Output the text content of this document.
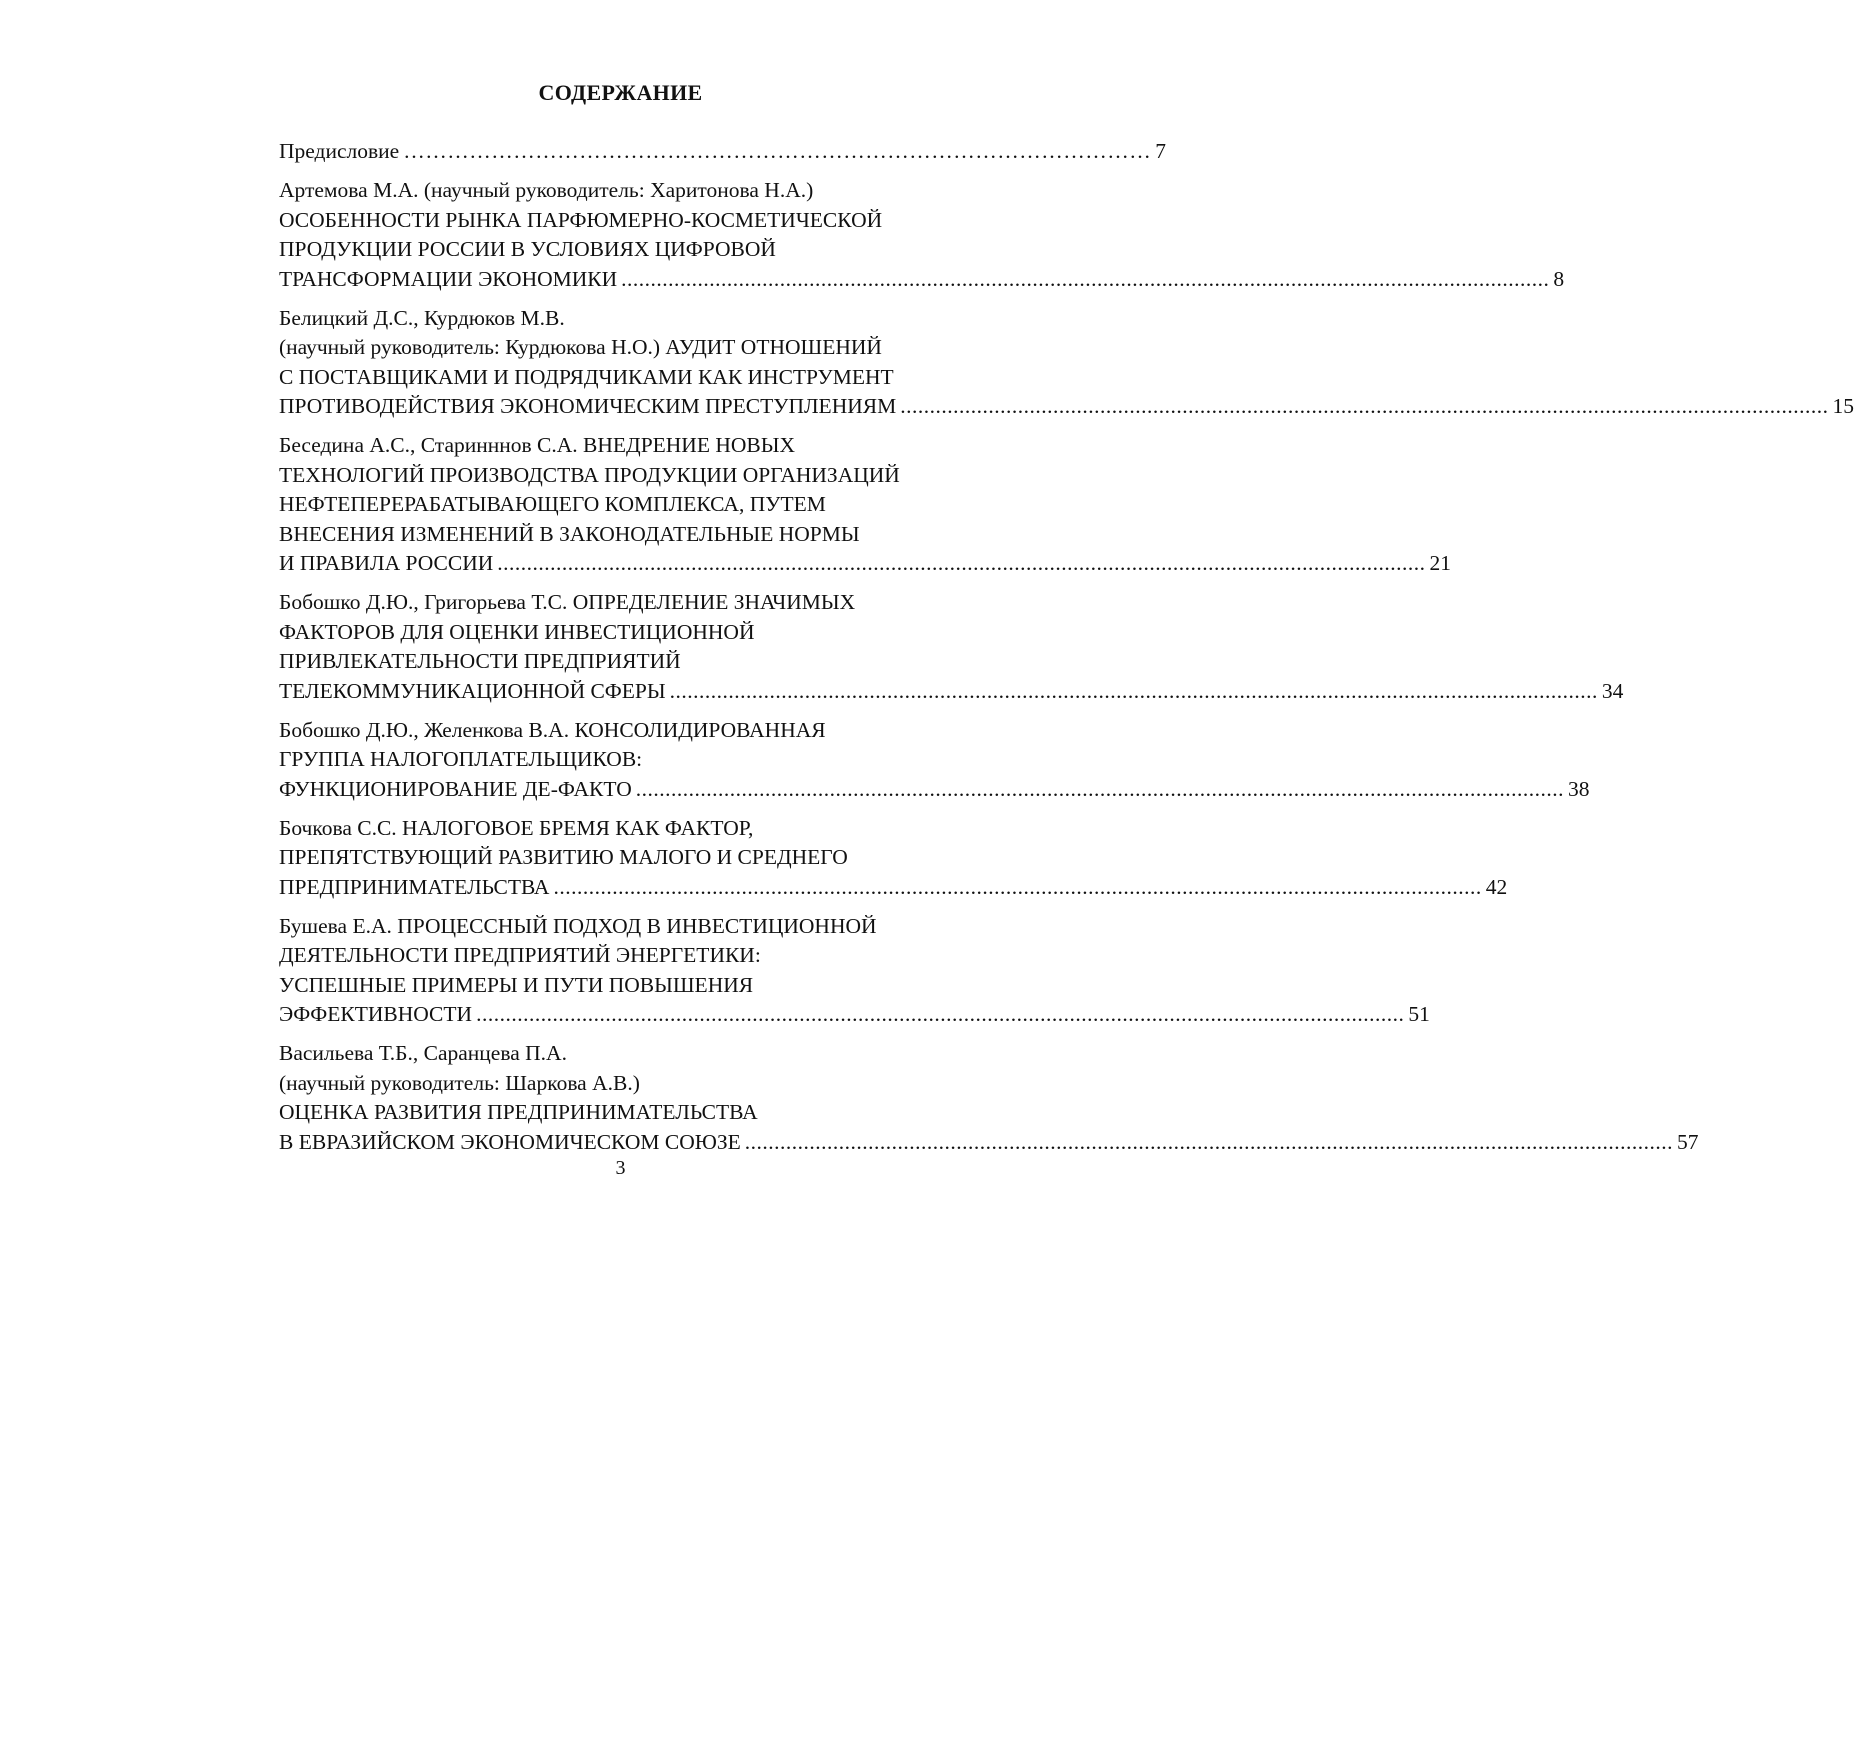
СОДЕРЖАНИЕ
Предисловие ………………………………………………………………………………………… 7
Артемова М.А. (научный руководитель: Харитонова Н.А.)
ОСОБЕННОСТИ РЫНКА ПАРФЮМЕРНО-КОСМЕТИЧЕСКОЙ
ПРОДУКЦИИ РОССИИ В УСЛОВИЯХ ЦИФРОВОЙ
ТРАНСФОРМАЦИИ ЭКОНОМИКИ .............................................................................................................................................................. 8
Белицкий Д.С., Курдюков М.В.
(научный руководитель: Курдюкова Н.О.) АУДИТ ОТНОШЕНИЙ
С ПОСТАВЩИКАМИ И ПОДРЯДЧИКАМИ КАК ИНСТРУМЕНТ
ПРОТИВОДЕЙСТВИЯ ЭКОНОМИЧЕСКИМ ПРЕСТУПЛЕНИЯМ .............................................................................................................................................................. 15
Беседина А.С., Старинннов С.А. ВНЕДРЕНИЕ НОВЫХ
ТЕХНОЛОГИЙ ПРОИЗВОДСТВА ПРОДУКЦИИ ОРГАНИЗАЦИЙ
НЕФТЕПЕРЕРАБАТЫВАЮЩЕГО КОМПЛЕКСА, ПУТЕМ
ВНЕСЕНИЯ ИЗМЕНЕНИЙ В ЗАКОНОДАТЕЛЬНЫЕ НОРМЫ
И ПРАВИЛА РОССИИ .............................................................................................................................................................. 21
Бобошко Д.Ю., Григорьева Т.С. ОПРЕДЕЛЕНИЕ ЗНАЧИМЫХ
ФАКТОРОВ ДЛЯ ОЦЕНКИ ИНВЕСТИЦИОННОЙ
ПРИВЛЕКАТЕЛЬНОСТИ ПРЕДПРИЯТИЙ
ТЕЛЕКОММУНИКАЦИОННОЙ СФЕРЫ .............................................................................................................................................................. 34
Бобошко Д.Ю., Желенкова В.А. КОНСОЛИДИРОВАННАЯ
ГРУППА НАЛОГОПЛАТЕЛЬЩИКОВ:
ФУНКЦИОНИРОВАНИЕ ДЕ-ФАКТО .............................................................................................................................................................. 38
Бочкова С.С. НАЛОГОВОЕ БРЕМЯ КАК ФАКТОР,
ПРЕПЯТСТВУЮЩИЙ РАЗВИТИЮ МАЛОГО И СРЕДНЕГО
ПРЕДПРИНИМАТЕЛЬСТВА .............................................................................................................................................................. 42
Бушева Е.А. ПРОЦЕССНЫЙ ПОДХОД В ИНВЕСТИЦИОННОЙ
ДЕЯТЕЛЬНОСТИ ПРЕДПРИЯТИЙ ЭНЕРГЕТИКИ:
УСПЕШНЫЕ ПРИМЕРЫ И ПУТИ ПОВЫШЕНИЯ
ЭФФЕКТИВНОСТИ .............................................................................................................................................................. 51
Васильева Т.Б., Саранцева П.А.
(научный руководитель: Шаркова А.В.)
ОЦЕНКА РАЗВИТИЯ ПРЕДПРИНИМАТЕЛЬСТВА
В ЕВРАЗИЙСКОМ ЭКОНОМИЧЕСКОМ СОЮЗЕ .............................................................................................................................................................. 57
3
